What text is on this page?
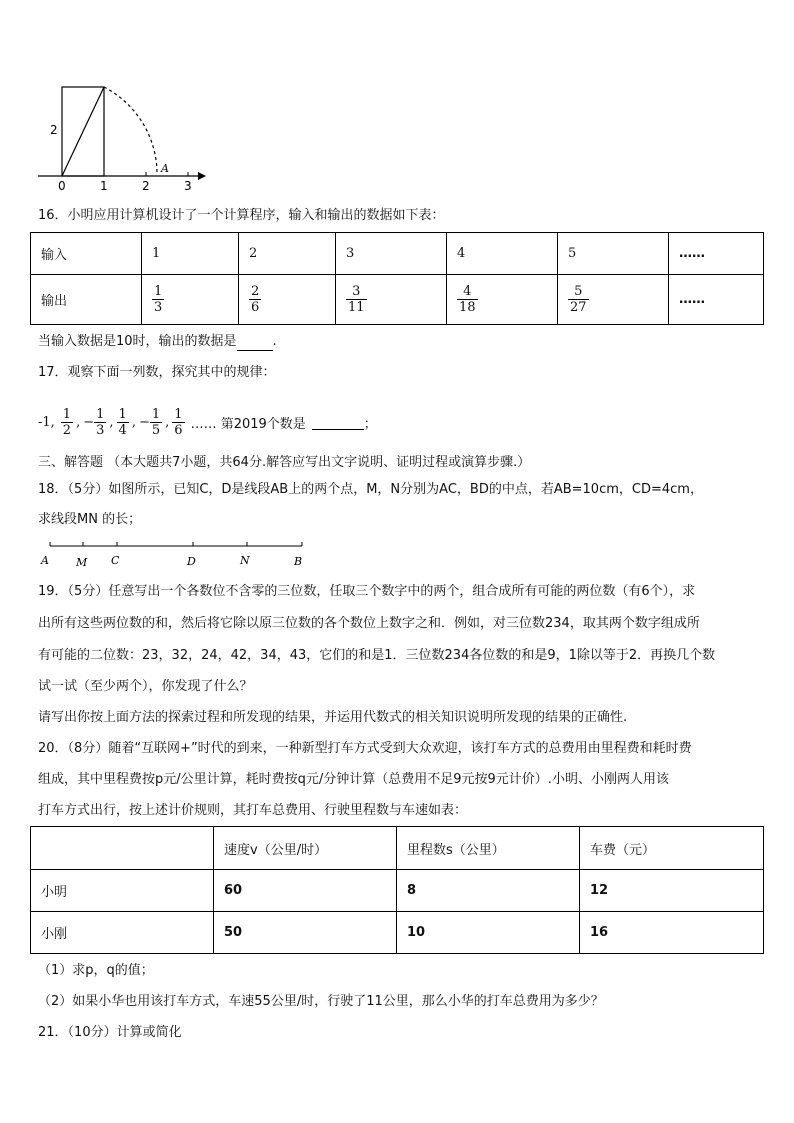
2
A
0	1	2	3
16．小明应用计算机设计了一个计算程序，输入和输出的数据如下表：
输入	1	2	3	4	5	……
输出	$\frac{1}{3}$	$\frac{2}{6}$	$\frac{3}{11}$	$\frac{4}{18}$	$\frac{5}{27}$	……
当输入数据是10时，输出的数据是	.
17．观察下面一列数，探究其中的规律：
-1, $\frac{1}{2}$ , − $\frac{1}{3}$ , $\frac{1}{4}$ , − $\frac{1}{5}$ , $\frac{1}{6}$ …… 第2019个数是	；
三、解答题 （本大题共7小题，共64分.解答应写出文字说明、证明过程或演算步骤.）
18．（5分）如图所示，已知C，D是线段AB上的两个点，M，N分别为AC，BD的中点，若AB=10cm，CD=4cm，
求线段MN 的长；
A M C	D	N	B
19．（5分）任意写出一个各数位不含零的三位数，任取三个数字中的两个，组合成所有可能的两位数（有6个），求
出所有这些两位数的和，然后将它除以原三位数的各个数位上数字之和．例如，对三位数234，取其两个数字组成所
有可能的二位数：23，32，24，42，34，43，它们的和是1．三位数234各位数的和是9，1除以等于2．再换几个数
试一试（至少两个），你发现了什么？
请写出你按上面方法的探索过程和所发现的结果，并运用代数式的相关知识说明所发现的结果的正确性.
20．（8分）随着“互联网+”时代的到来，一种新型打车方式受到大众欢迎，该打车方式的总费用由里程费和耗时费
组成，其中里程费按p元/公里计算，耗时费按q元/分钟计算（总费用不足9元按9元计价）.小明、小刚两人用该
打车方式出行，按上述计价规则，其打车总费用、行驶里程数与车速如表：
	速度v（公里/时）	里程数s（公里）	车费（元）
小明	60	8	12
小刚	50	10	16
（1）求p，q的值；
（2）如果小华也用该打车方式，车速55公里/时，行驶了11公里，那么小华的打车总费用为多少？
21．（10分）计算或简化
